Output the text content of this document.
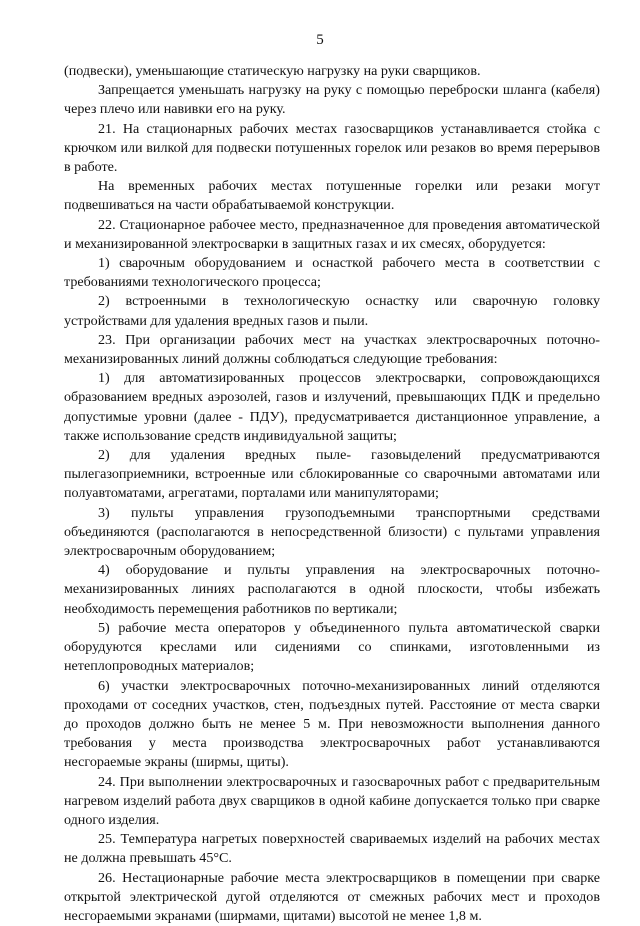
5

(подвески), уменьшающие статическую нагрузку на руки сварщиков.

Запрещается уменьшать нагрузку на руку с помощью переброски шланга (кабеля) через плечо или навивки его на руку.

21. На стационарных рабочих местах газосварщиков устанавливается стойка с крючком или вилкой для подвески потушенных горелок или резаков во время перерывов в работе.

На временных рабочих местах потушенные горелки или резаки могут подвешиваться на части обрабатываемой конструкции.

22. Стационарное рабочее место, предназначенное для проведения автоматической и механизированной электросварки в защитных газах и их смесях, оборудуется:

1) сварочным оборудованием и оснасткой рабочего места в соответствии с требованиями технологического процесса;

2) встроенными в технологическую оснастку или сварочную головку устройствами для удаления вредных газов и пыли.

23. При организации рабочих мест на участках электросварочных поточно-механизированных линий должны соблюдаться следующие требования:

1) для автоматизированных процессов электросварки, сопровождающихся образованием вредных аэрозолей, газов и излучений, превышающих ПДК и предельно допустимые уровни (далее - ПДУ), предусматривается дистанционное управление, а также использование средств индивидуальной защиты;

2) для удаления вредных пыле- газовыделений предусматриваются пылегазоприемники, встроенные или сблокированные со сварочными автоматами или полуавтоматами, агрегатами, порталами или манипуляторами;

3) пульты управления грузоподъемными транспортными средствами объединяются (располагаются в непосредственной близости) с пультами управления электросварочным оборудованием;

4) оборудование и пульты управления на электросварочных поточно-механизированных линиях располагаются в одной плоскости, чтобы избежать необходимость перемещения работников по вертикали;

5) рабочие места операторов у объединенного пульта автоматической сварки оборудуются креслами или сидениями со спинками, изготовленными из нетеплопроводных материалов;

6) участки электросварочных поточно-механизированных линий отделяются проходами от соседних участков, стен, подъездных путей. Расстояние от места сварки до проходов должно быть не менее 5 м. При невозможности выполнения данного требования у места производства электросварочных работ устанавливаются несгораемые экраны (ширмы, щиты).

24. При выполнении электросварочных и газосварочных работ с предварительным нагревом изделий работа двух сварщиков в одной кабине допускается только при сварке одного изделия.

25. Температура нагретых поверхностей свариваемых изделий на рабочих местах не должна превышать 45°С.

26. Нестационарные рабочие места электросварщиков в помещении при сварке открытой электрической дугой отделяются от смежных рабочих мест и проходов несгораемыми экранами (ширмами, щитами) высотой не менее 1,8 м.
